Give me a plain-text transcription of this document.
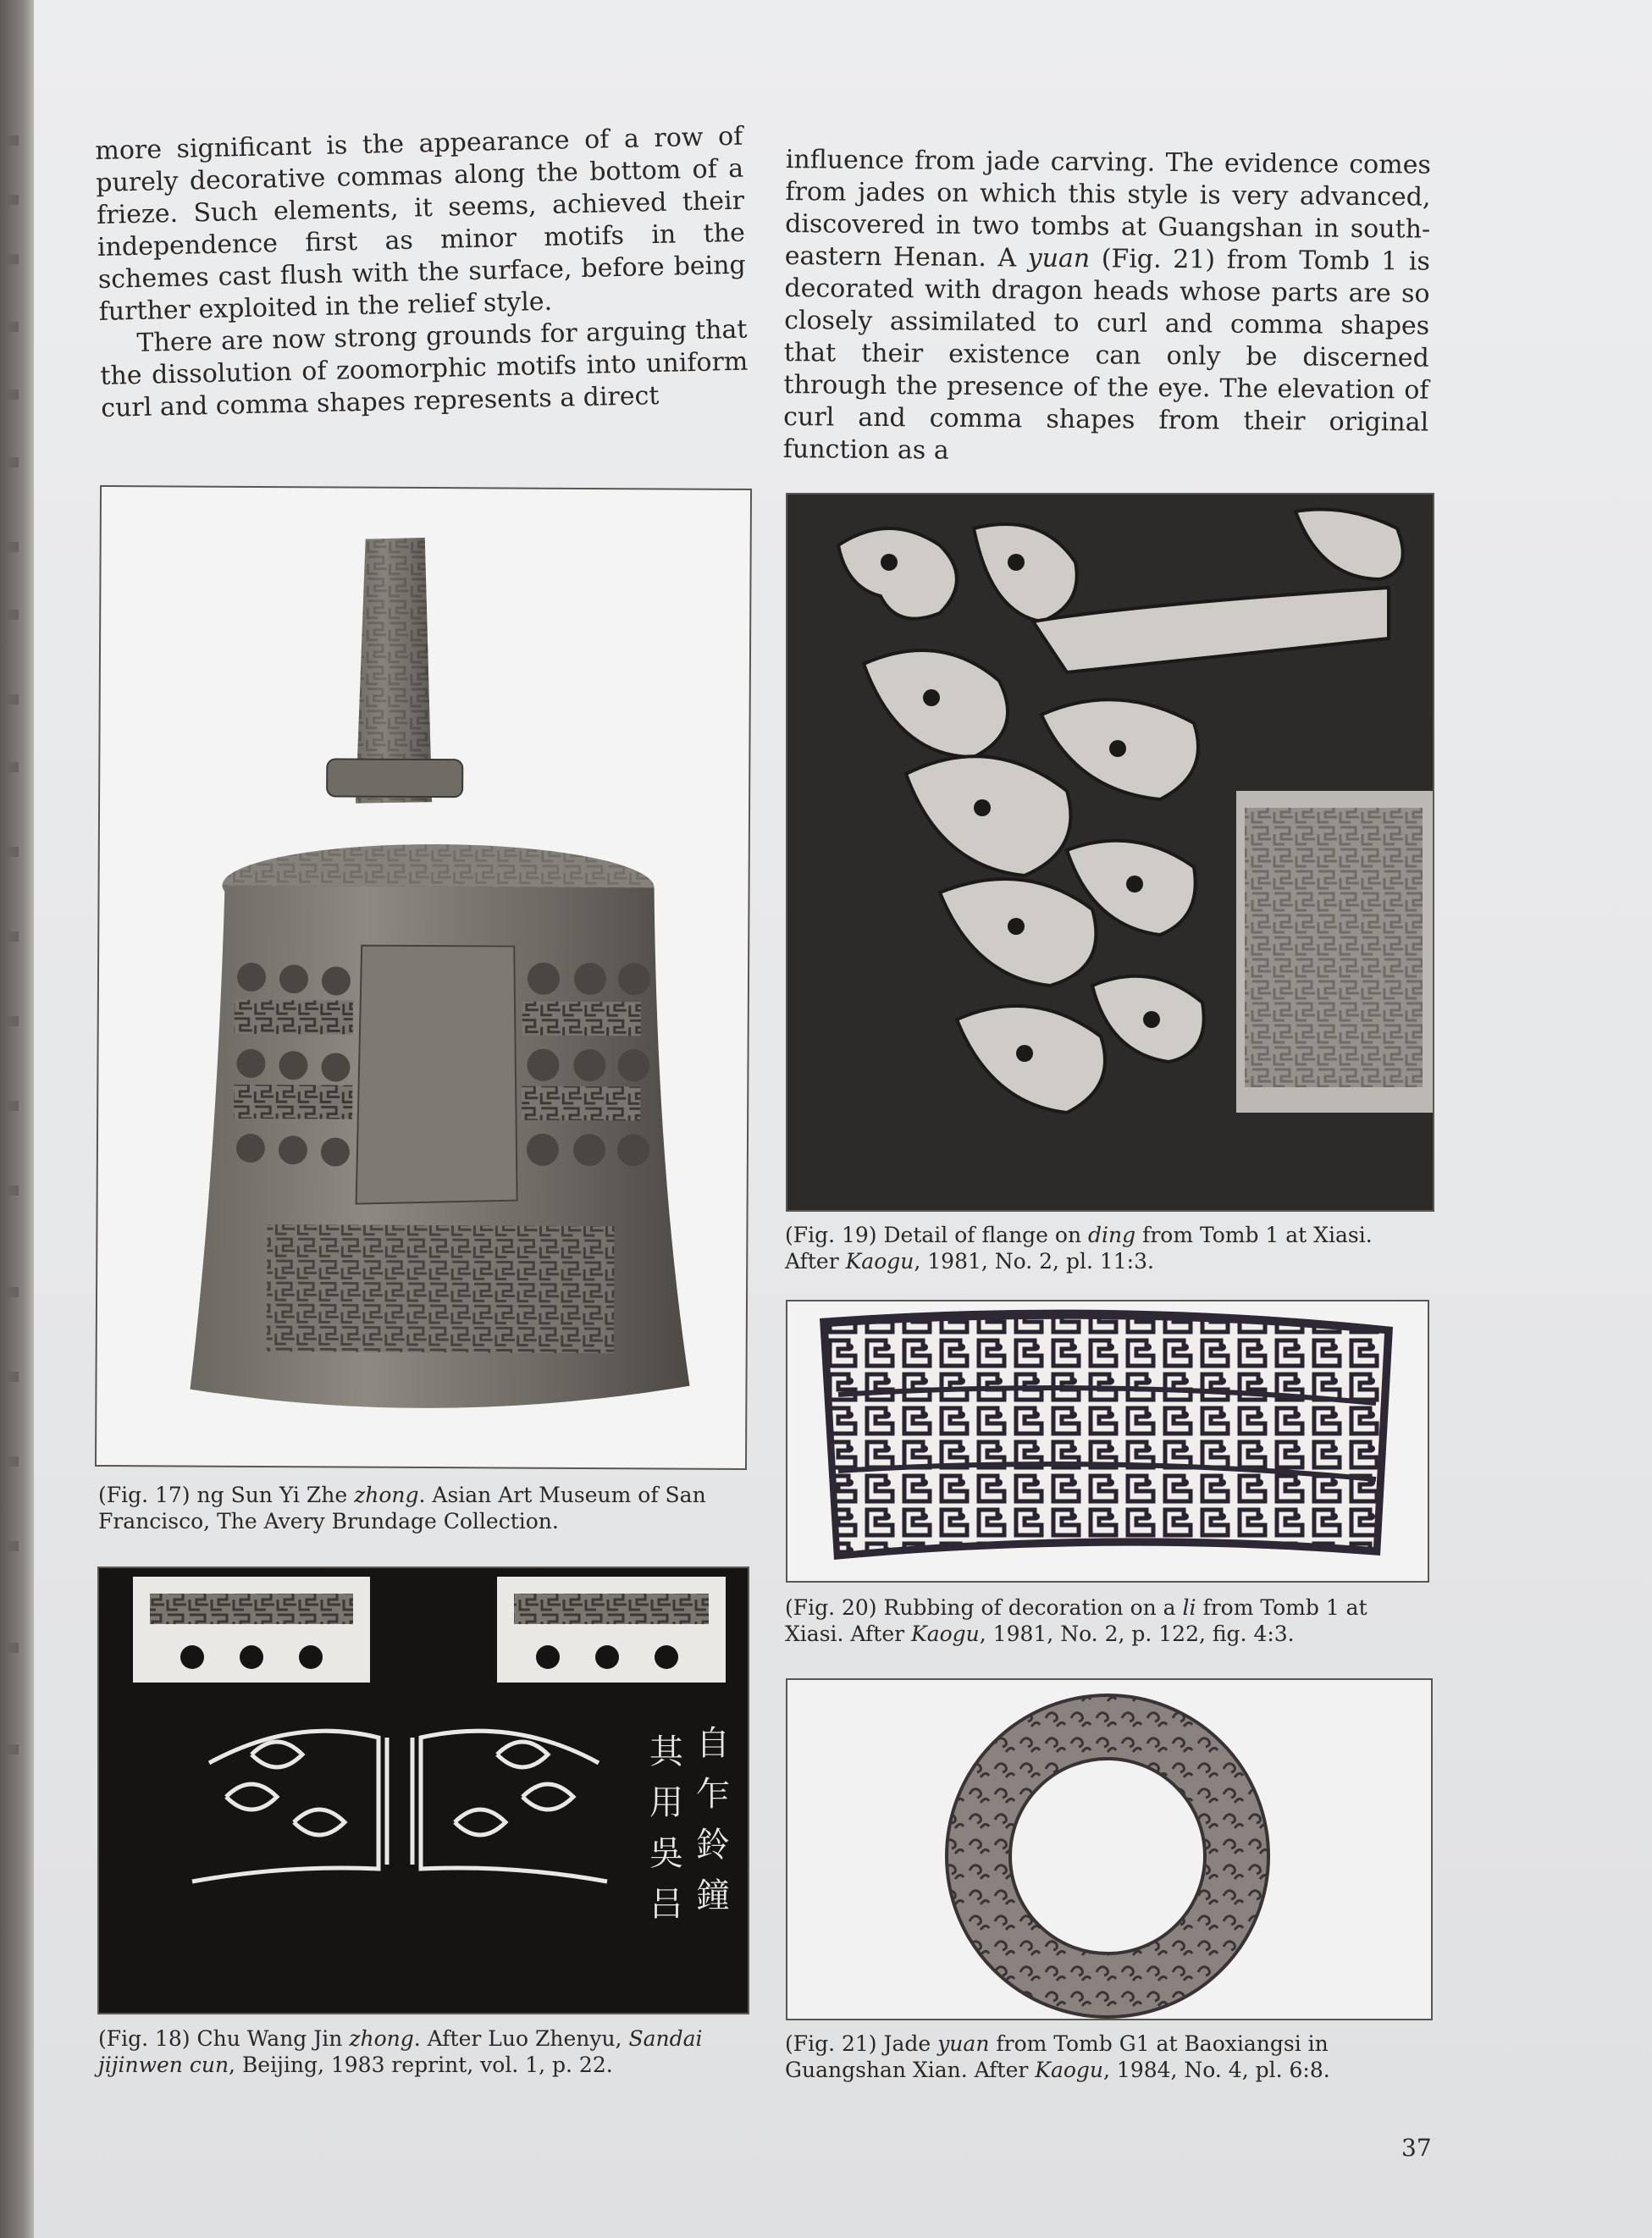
more significant is the appearance of a row of purely decorative commas along the bottom of a frieze. Such elements, it seems, achieved their independence first as minor motifs in the schemes cast flush with the surface, before being further exploited in the relief style.

There are now strong grounds for arguing that the dissolution of zoomorphic motifs into uniform curl and comma shapes represents a direct

influence from jade carving. The evidence comes from jades on which this style is very advanced, discovered in two tombs at Guangshan in south-eastern Henan. A yuan (Fig. 21) from Tomb 1 is decorated with dragon heads whose parts are so closely assimilated to curl and comma shapes that their existence can only be discerned through the presence of the eye. The elevation of curl and comma shapes from their original function as a

(Fig. 17) ng Sun Yi Zhe zhong. Asian Art Museum of San Francisco, The Avery Brundage Collection.
其
用
吳
吕
自
乍
鈴
鐘
(Fig. 18) Chu Wang Jin zhong. After Luo Zhenyu, Sandai jijinwen cun, Beijing, 1983 reprint, vol. 1, p. 22.
(Fig. 19) Detail of flange on ding from Tomb 1 at Xiasi. After Kaogu, 1981, No. 2, pl. 11:3.
(Fig. 20) Rubbing of decoration on a li from Tomb 1 at Xiasi. After Kaogu, 1981, No. 2, p. 122, fig. 4:3.
(Fig. 21) Jade yuan from Tomb G1 at Baoxiangsi in Guangshan Xian. After Kaogu, 1984, No. 4, pl. 6:8.
37
